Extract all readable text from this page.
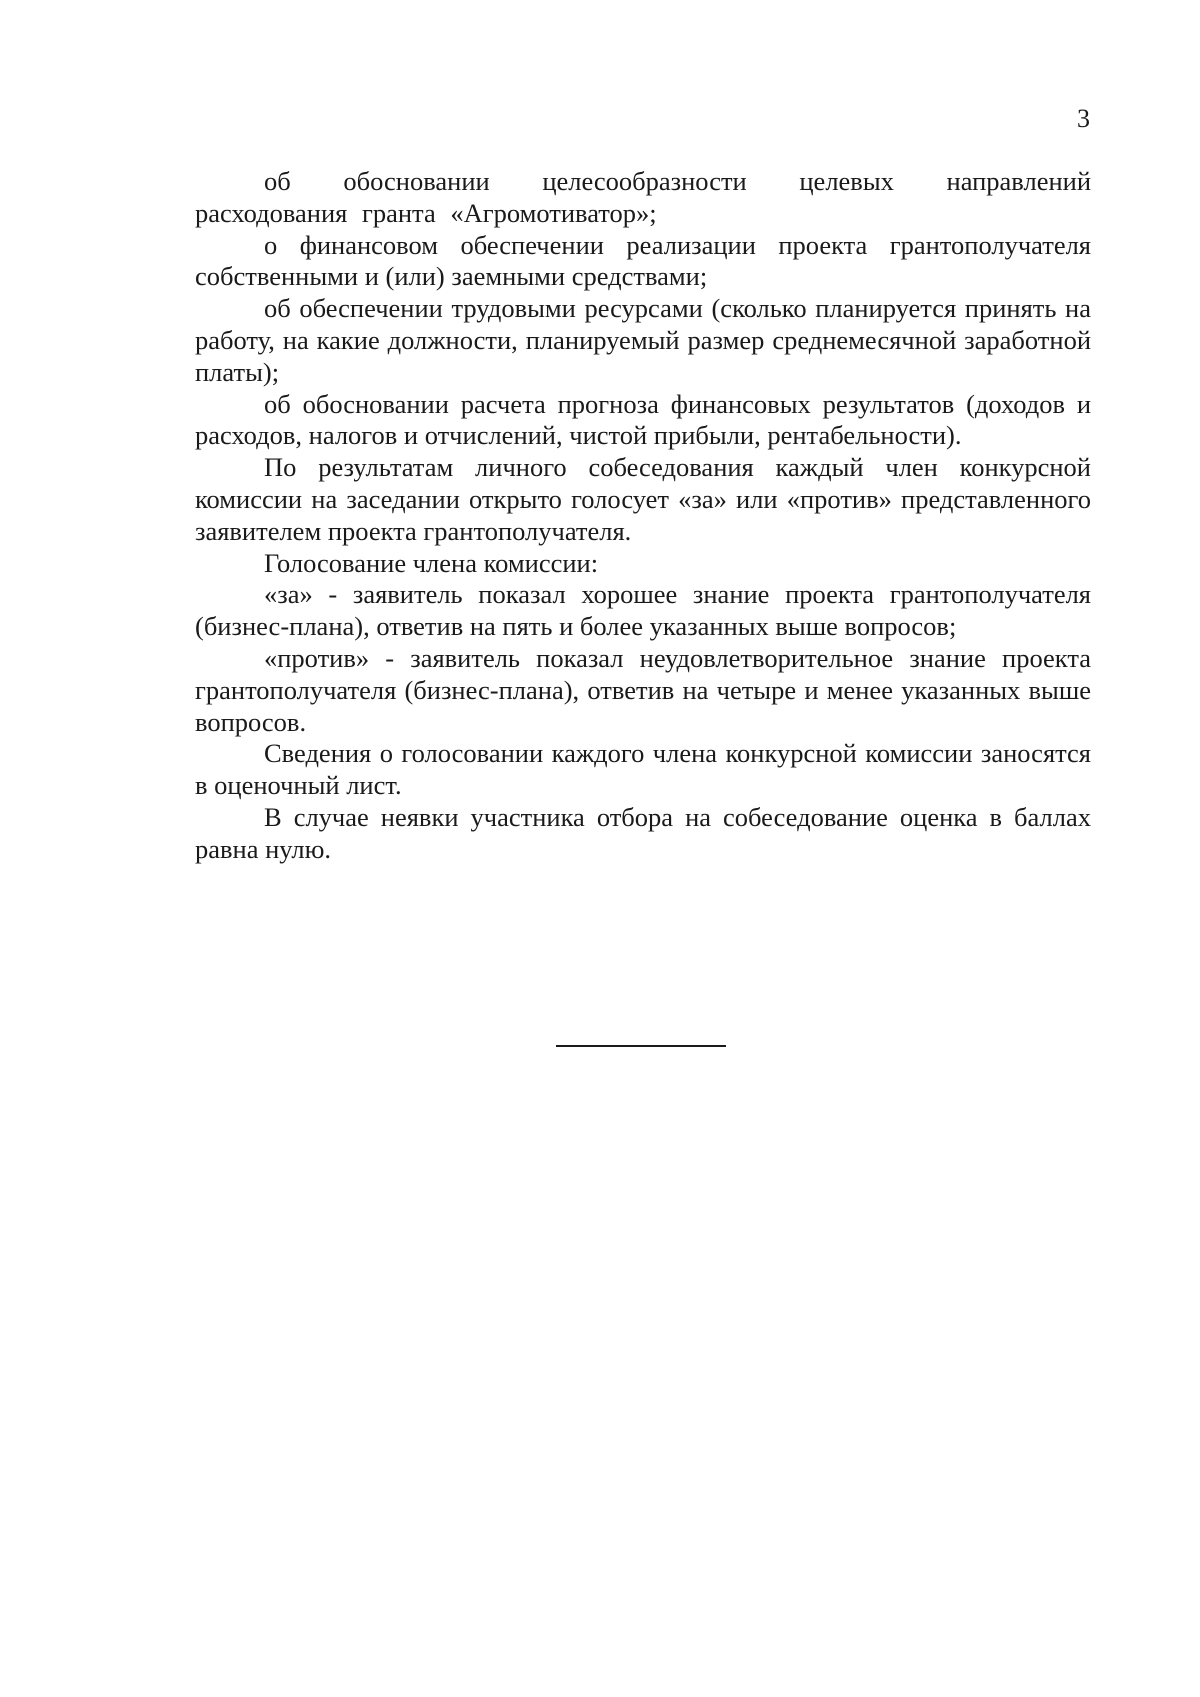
3

об обосновании целесообразности целевых направлений расходования гранта «Агромотиватор»;

о финансовом обеспечении реализации проекта грантополучателя собственными и (или) заемными средствами;

об обеспечении трудовыми ресурсами (сколько планируется принять на работу, на какие должности, планируемый размер среднемесячной заработной платы);

об обосновании расчета прогноза финансовых результатов (доходов и расходов, налогов и отчислений, чистой прибыли, рентабельности).

По результатам личного собеседования каждый член конкурсной комиссии на заседании открыто голосует «за» или «против» представленного заявителем проекта грантополучателя.

Голосование члена комиссии:

«за» - заявитель показал хорошее знание проекта грантополучателя (бизнес-плана), ответив на пять и более указанных выше вопросов;

«против» - заявитель показал неудовлетворительное знание проекта грантополучателя (бизнес-плана), ответив на четыре и менее указанных выше вопросов.

Сведения о голосовании каждого члена конкурсной комиссии заносятся в оценочный лист.

В случае неявки участника отбора на собеседование оценка в баллах равна нулю.
